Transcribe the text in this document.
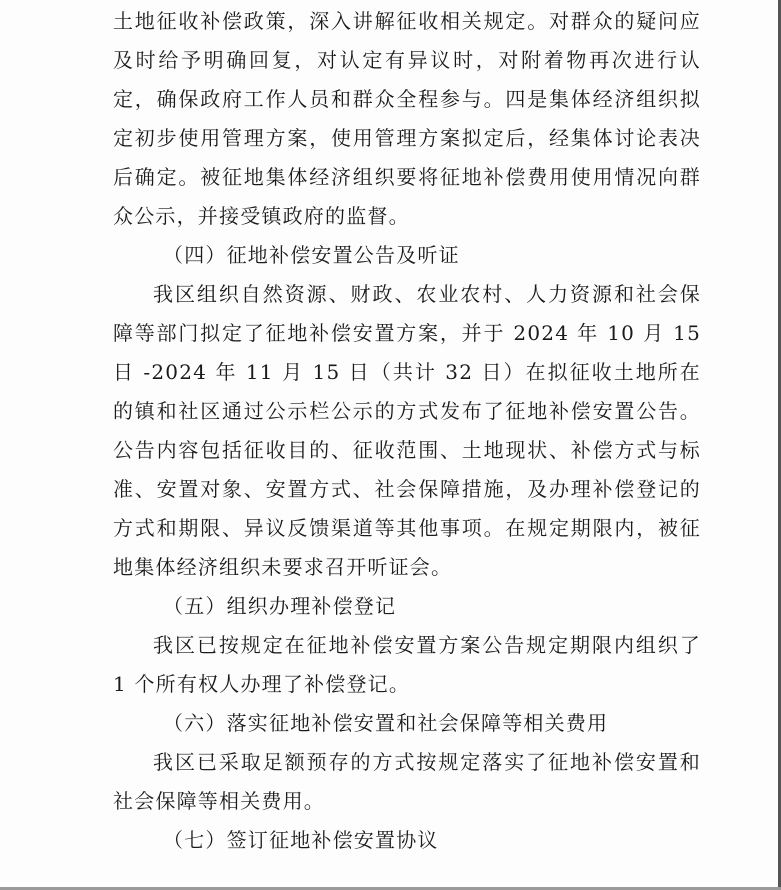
土地征收补偿政策，深入讲解征收相关规定。对群众的疑问应及时给予明确回复，对认定有异议时，对附着物再次进行认定，确保政府工作人员和群众全程参与。四是集体经济组织拟定初步使用管理方案，使用管理方案拟定后，经集体讨论表决后确定。被征地集体经济组织要将征地补偿费用使用情况向群众公示，并接受镇政府的监督。

（四）征地补偿安置公告及听证

我区组织自然资源、财政、农业农村、人力资源和社会保障等部门拟定了征地补偿安置方案，并于 2024 年 10 月 15 日 -2024 年 11 月 15 日（共计 32 日）在拟征收土地所在的镇和社区通过公示栏公示的方式发布了征地补偿安置公告。公告内容包括征收目的、征收范围、土地现状、补偿方式与标准、安置对象、安置方式、社会保障措施，及办理补偿登记的方式和期限、异议反馈渠道等其他事项。在规定期限内，被征地集体经济组织未要求召开听证会。

（五）组织办理补偿登记

我区已按规定在征地补偿安置方案公告规定期限内组织了 1 个所有权人办理了补偿登记。

（六）落实征地补偿安置和社会保障等相关费用

我区已采取足额预存的方式按规定落实了征地补偿安置和社会保障等相关费用。

（七）签订征地补偿安置协议
